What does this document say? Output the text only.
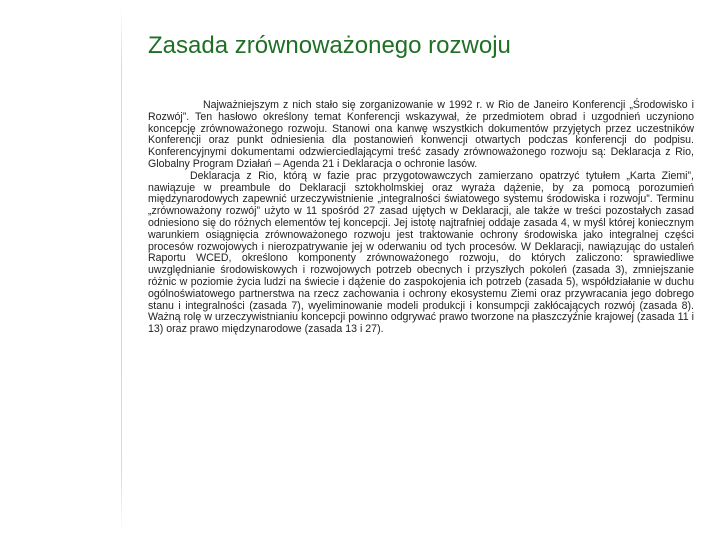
Zasada zrównoważonego rozwoju

Najważniejszym z nich stało się zorganizowanie w 1992 r. w Rio de Janeiro Konferencji „Środowisko i Rozwój”. Ten hasłowo określony temat Konferencji wskazywał, że przedmiotem obrad i uzgodnień uczyniono koncepcję zrównoważonego rozwoju. Stanowi ona kanwę wszystkich dokumentów przyjętych przez uczestników Konferencji oraz punkt odniesienia dla postanowień konwencji otwartych podczas konferencji do podpisu. Konferencyjnymi dokumentami odzwierciedlającymi treść zasady zrównoważonego rozwoju są: Deklaracja z Rio, Globalny Program Działań – Agenda 21 i Deklaracja o ochronie lasów.

Deklaracja z Rio, którą w fazie prac przygotowawczych zamierzano opatrzyć tytułem „Karta Ziemi”, nawiązuje w preambule do Deklaracji sztokholmskiej oraz wyraża dążenie, by za pomocą porozumień międzynarodowych zapewnić urzeczywistnienie „integralności światowego systemu środowiska i rozwoju”. Terminu „zrównoważony rozwój” użyto w 11 spośród 27 zasad ujętych w Deklaracji, ale także w treści pozostałych zasad odniesiono się do różnych elementów tej koncepcji. Jej istotę najtrafniej oddaje zasada 4, w myśl której koniecznym warunkiem osiągnięcia zrównoważonego rozwoju jest traktowanie ochrony środowiska jako integralnej części procesów rozwojowych i nierozpatrywanie jej w oderwaniu od tych procesów. W Deklaracji, nawiązując do ustaleń Raportu WCED, określono komponenty zrównoważonego rozwoju, do których zaliczono: sprawiedliwe uwzględnianie środowiskowych i rozwojowych potrzeb obecnych i przyszłych pokoleń (zasada 3), zmniejszanie różnic w poziomie życia ludzi na świecie i dążenie do zaspokojenia ich potrzeb (zasada 5), współdziałanie w duchu ogólnoświatowego partnerstwa na rzecz zachowania i ochrony ekosystemu Ziemi oraz przywracania jego dobrego stanu i integralności (zasada 7), wyeliminowanie modeli produkcji i konsumpcji zakłócających rozwój (zasada 8). Ważną rolę w urzeczywistnianiu koncepcji powinno odgrywać prawo tworzone na płaszczyźnie krajowej (zasada 11 i 13) oraz prawo międzynarodowe (zasada 13 i 27).
